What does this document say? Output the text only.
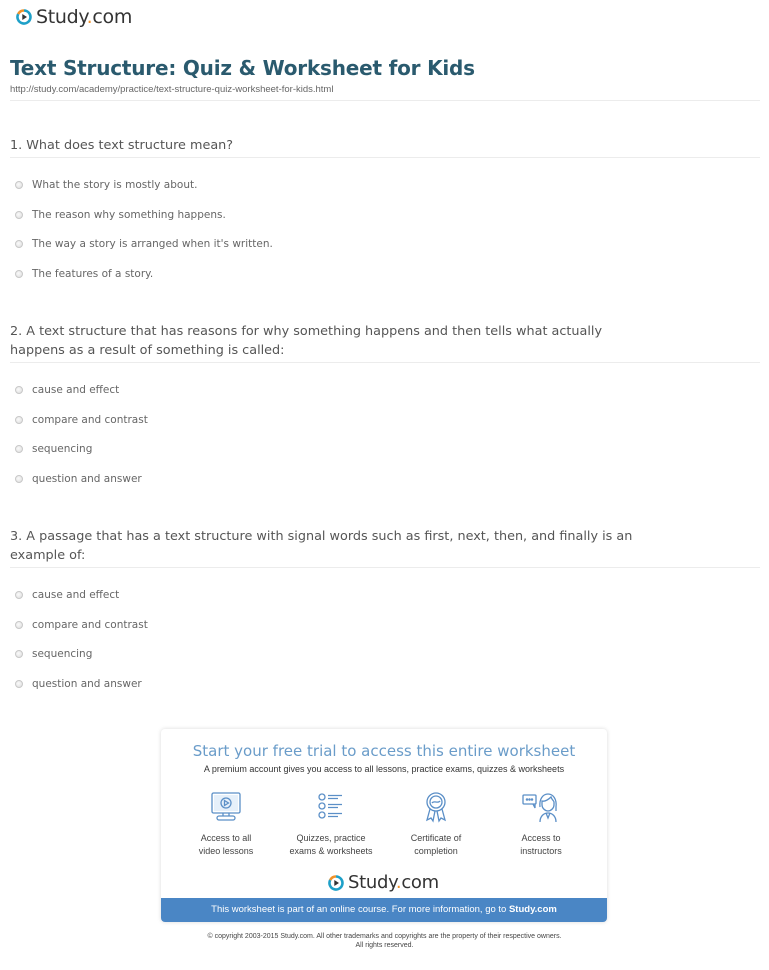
Study.com
Text Structure: Quiz & Worksheet for Kids
http://study.com/academy/practice/text-structure-quiz-worksheet-for-kids.html
1. What does text structure mean?
What the story is mostly about.
The reason why something happens.
The way a story is arranged when it's written.
The features of a story.
2. A text structure that has reasons for why something happens and then tells what actually happens as a result of something is called:
cause and effect
compare and contrast
sequencing
question and answer
3. A passage that has a text structure with signal words such as first, next, then, and finally is an example of:
cause and effect
compare and contrast
sequencing
question and answer
Start your free trial to access this entire worksheet
A premium account gives you access to all lessons, practice exams, quizzes & worksheets
Access to all
video lessons
Quizzes, practice
exams & worksheets
Certificate of
completion
Access to
instructors
Study.com
This worksheet is part of an online course. For more information, go to Study.com
© copyright 2003-2015 Study.com. All other trademarks and copyrights are the property of their respective owners.
All rights reserved.
